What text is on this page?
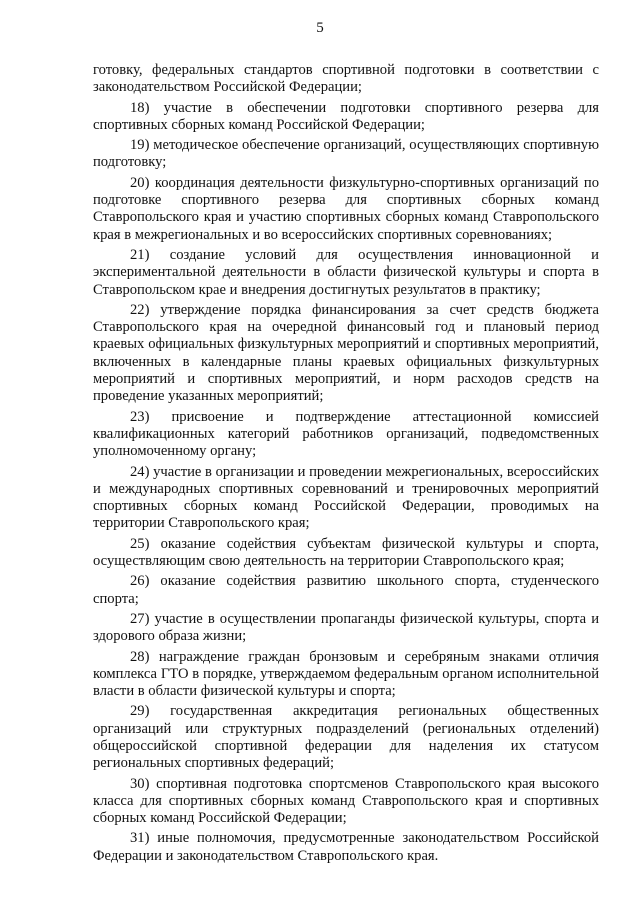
5

готовку, федеральных стандартов спортивной подготовки в соответствии с законодательством Российской Федерации;

18) участие в обеспечении подготовки спортивного резерва для спортивных сборных команд Российской Федерации;

19) методическое обеспечение организаций, осуществляющих спортивную подготовку;

20) координация деятельности физкультурно-спортивных организаций по подготовке спортивного резерва для спортивных сборных команд Ставропольского края и участию спортивных сборных команд Ставропольского края в межрегиональных и во всероссийских спортивных соревнованиях;

21) создание условий для осуществления инновационной и экспериментальной деятельности в области физической культуры и спорта в Ставропольском крае и внедрения достигнутых результатов в практику;

22) утверждение порядка финансирования за счет средств бюджета Ставропольского края на очередной финансовый год и плановый период краевых официальных физкультурных мероприятий и спортивных мероприятий, включенных в календарные планы краевых официальных физкультурных мероприятий и спортивных мероприятий, и норм расходов средств на проведение указанных мероприятий;

23) присвоение и подтверждение аттестационной комиссией квалификационных категорий работников организаций, подведомственных уполномоченному органу;

24) участие в организации и проведении межрегиональных, всероссийских и международных спортивных соревнований и тренировочных мероприятий спортивных сборных команд Российской Федерации, проводимых на территории Ставропольского края;

25) оказание содействия субъектам физической культуры и спорта, осуществляющим свою деятельность на территории Ставропольского края;

26) оказание содействия развитию школьного спорта, студенческого спорта;

27) участие в осуществлении пропаганды физической культуры, спорта и здорового образа жизни;

28) награждение граждан бронзовым и серебряным знаками отличия комплекса ГТО в порядке, утверждаемом федеральным органом исполнительной власти в области физической культуры и спорта;

29) государственная аккредитация региональных общественных организаций или структурных подразделений (региональных отделений) общероссийской спортивной федерации для наделения их статусом региональных спортивных федераций;

30) спортивная подготовка спортсменов Ставропольского края высокого класса для спортивных сборных команд Ставропольского края и спортивных сборных команд Российской Федерации;

31) иные полномочия, предусмотренные законодательством Российской Федерации и законодательством Ставропольского края.
